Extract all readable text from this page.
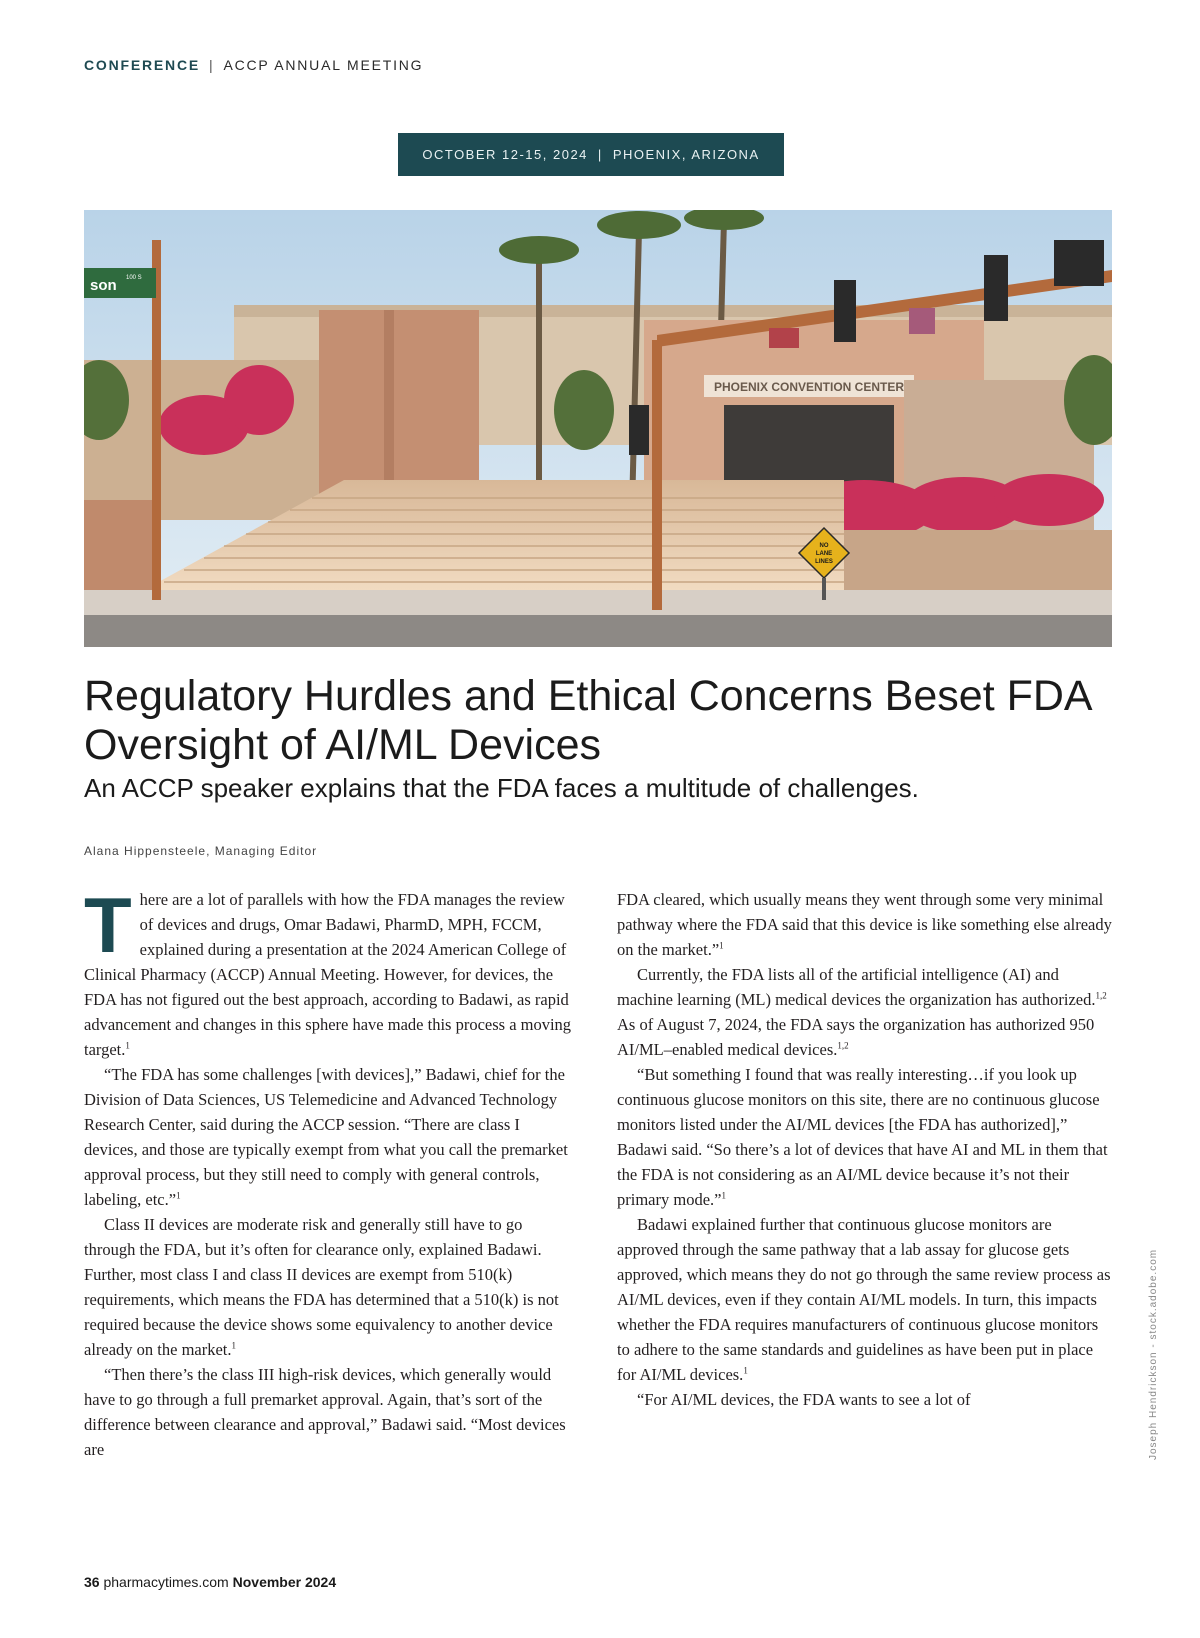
CONFERENCE | ACCP ANNUAL MEETING
OCTOBER 12-15, 2024 | PHOENIX, ARIZONA
PHOENIX CONVENTION CENTER
son 100 S
NO
LANE
LINES
Regulatory Hurdles and Ethical Concerns Beset FDA Oversight of AI/ML Devices
An ACCP speaker explains that the FDA faces a multitude of challenges.
Alana Hippensteele, Managing Editor

There are a lot of parallels with how the FDA manages the review of devices and drugs, Omar Badawi, PharmD, MPH, FCCM, explained during a presentation at the 2024 American College of Clinical Pharmacy (ACCP) Annual Meeting. However, for devices, the FDA has not figured out the best approach, according to Badawi, as rapid advancement and changes in this sphere have made this process a moving target.$^1$

“The FDA has some challenges [with devices],” Badawi, chief for the Division of Data Sciences, US Telemedicine and Advanced Technology Research Center, said during the ACCP session. “There are class I devices, and those are typically exempt from what you call the premarket approval process, but they still need to comply with general controls, labeling, etc.”$^1$

Class II devices are moderate risk and generally still have to go through the FDA, but it’s often for clearance only, explained Badawi. Further, most class I and class II devices are exempt from 510(k) requirements, which means the FDA has determined that a 510(k) is not required because the device shows some equivalency to another device already on the market.$^1$

“Then there’s the class III high-risk devices, which generally would have to go through a full premarket approval. Again, that’s sort of the difference between clearance and approval,” Badawi said. “Most devices are

FDA cleared, which usually means they went through some very minimal pathway where the FDA said that this device is like something else already on the market.”$^1$

Currently, the FDA lists all of the artificial intelligence (AI) and machine learning (ML) medical devices the organization has authorized.$^{1,2}$ As of August 7, 2024, the FDA says the organization has authorized 950 AI/ML–enabled medical devices.$^{1,2}$

“But something I found that was really interesting…if you look up continuous glucose monitors on this site, there are no continuous glucose monitors listed under the AI/ML devices [the FDA has authorized],” Badawi said. “So there’s a lot of devices that have AI and ML in them that the FDA is not considering as an AI/ML device because it’s not their primary mode.”$^1$

Badawi explained further that continuous glucose monitors are approved through the same pathway that a lab assay for glucose gets approved, which means they do not go through the same review process as AI/ML devices, even if they contain AI/ML models. In turn, this impacts whether the FDA requires manufacturers of continuous glucose monitors to adhere to the same standards and guidelines as have been put in place for AI/ML devices.$^1$

“For AI/ML devices, the FDA wants to see a lot of	Joseph Hendrickson - stock.adobe.com
36 pharmacytimes.com November 2024
